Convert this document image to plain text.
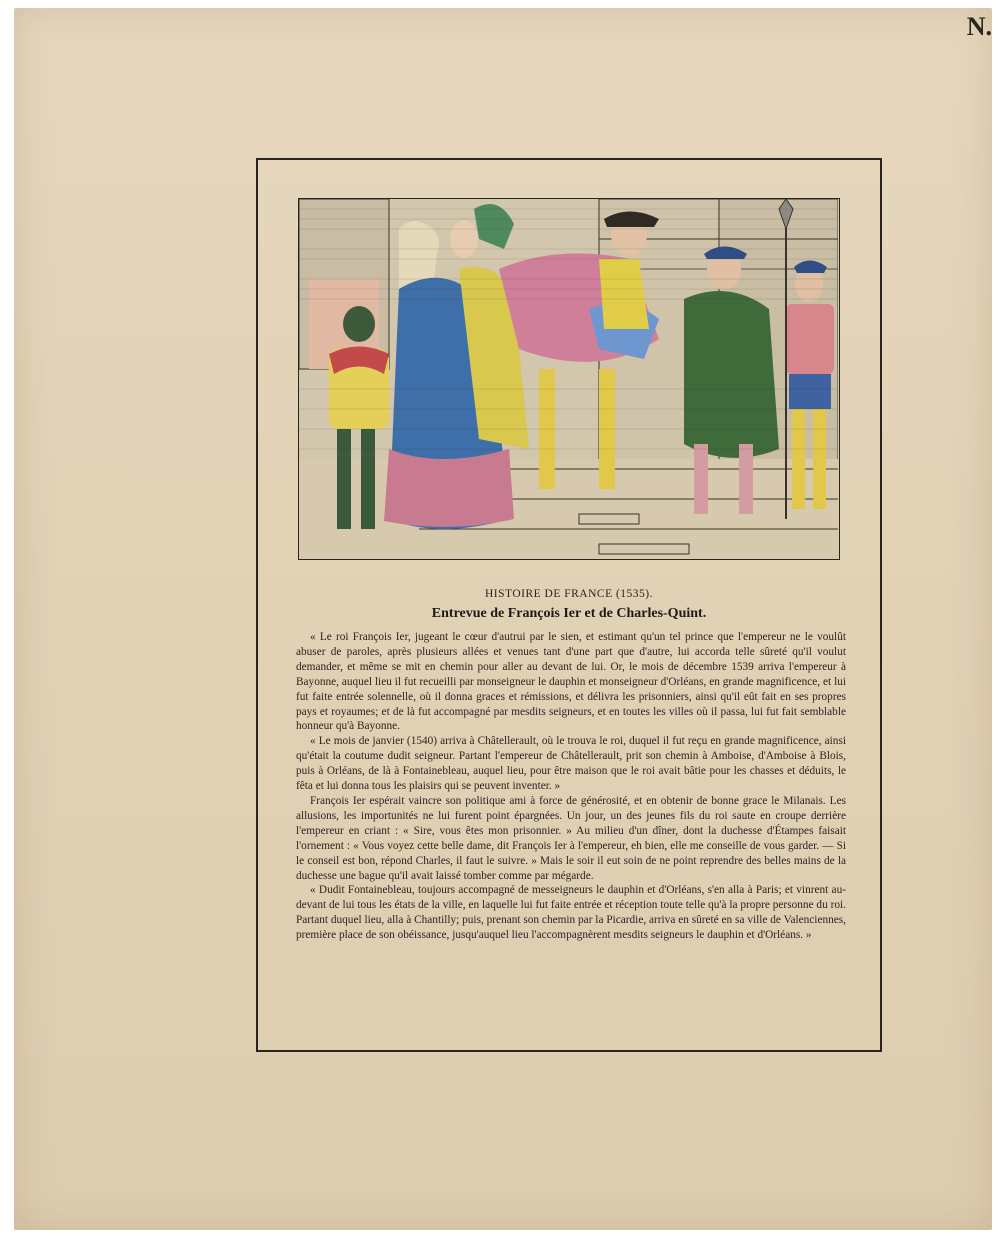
N.
HISTOIRE DE FRANCE (1535).
Entrevue de François Ier et de Charles-Quint.

« Le roi François Ier, jugeant le cœur d'autrui par le sien, et estimant qu'un tel prince que l'empereur ne le voulût abuser de paroles, après plusieurs allées et venues tant d'une part que d'autre, lui accorda telle sûreté qu'il voulut demander, et même se mit en chemin pour aller au devant de lui. Or, le mois de décembre 1539 arriva l'empereur à Bayonne, auquel lieu il fut recueilli par monseigneur le dauphin et monseigneur d'Orléans, en grande magnificence, et lui fut faite entrée solennelle, où il donna graces et rémissions, et délivra les prisonniers, ainsi qu'il eût fait en ses propres pays et royaumes; et de là fut accompagné par mesdits seigneurs, et en toutes les villes où il passa, lui fut fait semblable honneur qu'à Bayonne.

« Le mois de janvier (1540) arriva à Châtellerault, où le trouva le roi, duquel il fut reçu en grande magnificence, ainsi qu'était la coutume dudit seigneur. Partant l'empereur de Châtellerault, prit son chemin à Amboise, d'Amboise à Blois, puis à Orléans, de là à Fontainebleau, auquel lieu, pour être maison que le roi avait bâtie pour les chasses et déduits, le fêta et lui donna tous les plaisirs qui se peuvent inventer. »

François Ier espérait vaincre son politique ami à force de générosité, et en obtenir de bonne grace le Milanais. Les allusions, les importunités ne lui furent point épargnées. Un jour, un des jeunes fils du roi saute en croupe derrière l'empereur en criant : « Sire, vous êtes mon prisonnier. » Au milieu d'un dîner, dont la duchesse d'Étampes faisait l'ornement : « Vous voyez cette belle dame, dit François Ier à l'empereur, eh bien, elle me conseille de vous garder. — Si le conseil est bon, répond Charles, il faut le suivre. » Mais le soir il eut soin de ne point reprendre des belles mains de la duchesse une bague qu'il avait laissé tomber comme par mégarde.

« Dudit Fontainebleau, toujours accompagné de messeigneurs le dauphin et d'Orléans, s'en alla à Paris; et vinrent au-devant de lui tous les états de la ville, en laquelle lui fut faite entrée et réception toute telle qu'à la propre personne du roi. Partant duquel lieu, alla à Chantilly; puis, prenant son chemin par la Picardie, arriva en sûreté en sa ville de Valenciennes, première place de son obéissance, jusqu'auquel lieu l'accompagnèrent mesdits seigneurs le dauphin et d'Orléans. »
